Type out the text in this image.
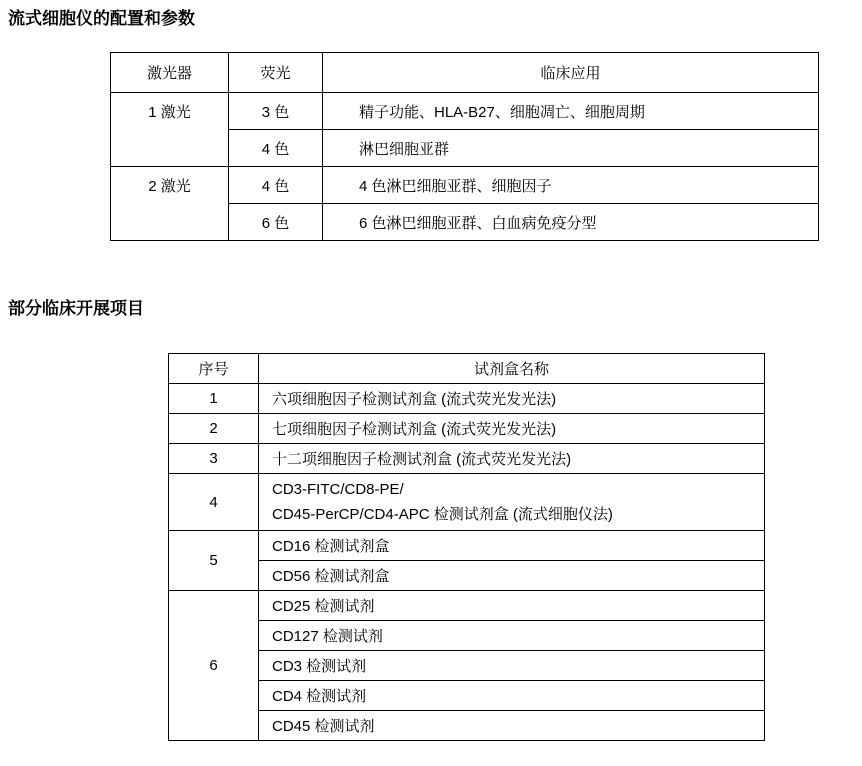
流式细胞仪的配置和参数
激光器	荧光	临床应用
1 激光	3 色	精子功能、HLA-B27、细胞凋亡、细胞周期
	4 色	淋巴细胞亚群
2 激光	4 色	4 色淋巴细胞亚群、细胞因子
	6 色	6 色淋巴细胞亚群、白血病免疫分型
部分临床开展项目
序号	试剂盒名称
1	六项细胞因子检测试剂盒 (流式荧光发光法)
2	七项细胞因子检测试剂盒 (流式荧光发光法)
3	十二项细胞因子检测试剂盒 (流式荧光发光法)
4	CD3-FITC/CD8-PE/
CD45-PerCP/CD4-APC 检测试剂盒 (流式细胞仪法)

5	CD16 检测试剂盒
	CD56 检测试剂盒
6	CD25 检测试剂
	CD127 检测试剂
	CD3 检测试剂
	CD4 检测试剂
	CD45 检测试剂
